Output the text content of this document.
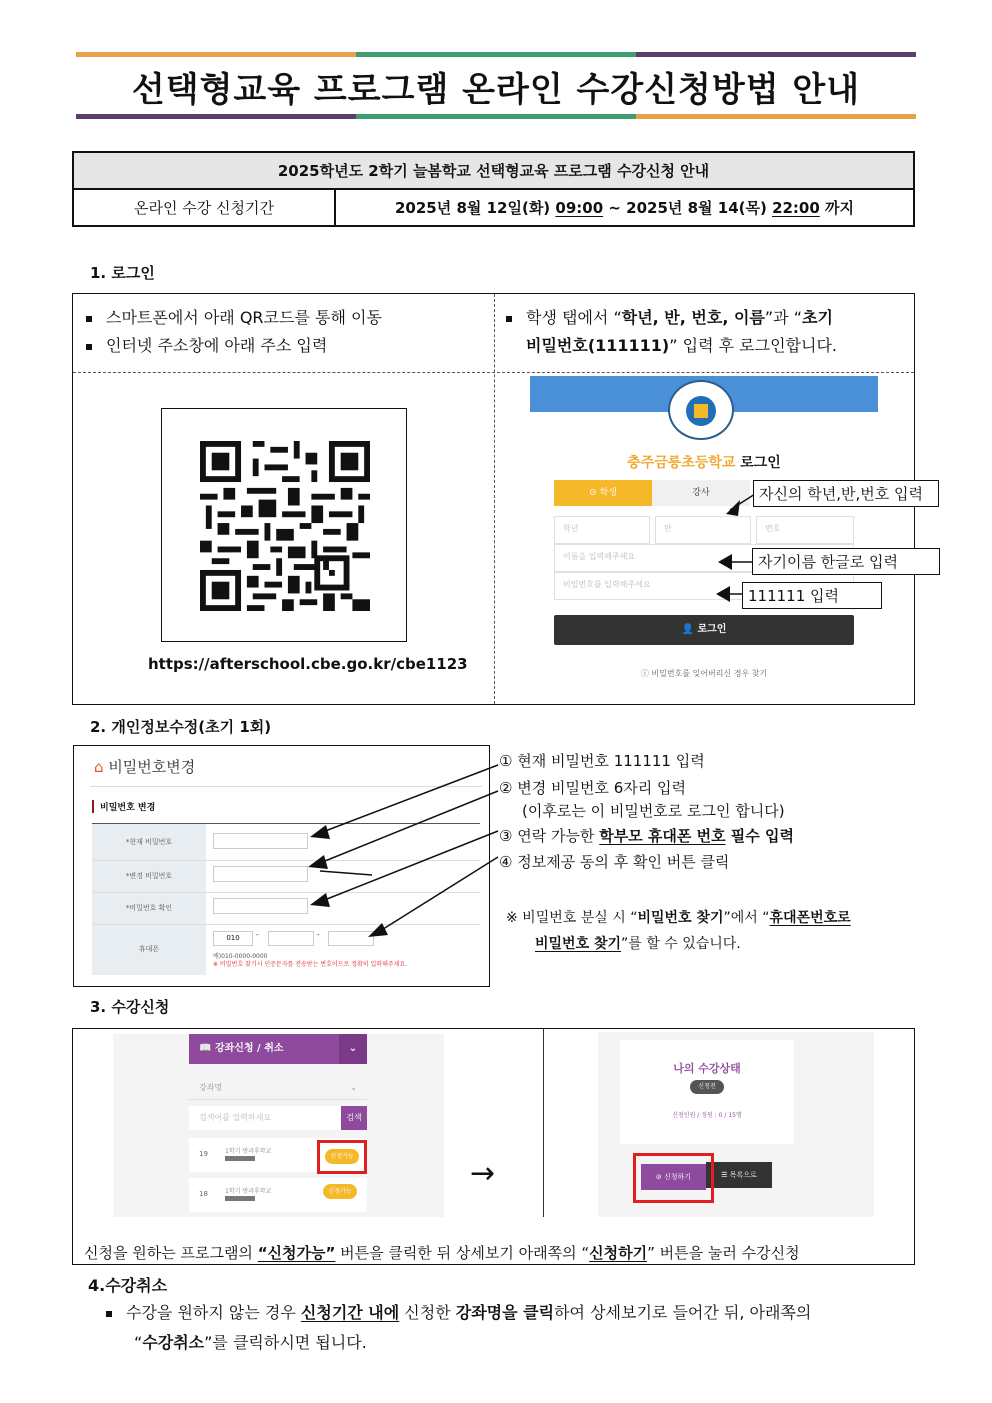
선택형교육 프로그램 온라인 수강신청방법 안내
2025학년도 2학기 늘봄학교 선택형교육 프로그램 수강신청 안내
온라인 수강 신청기간	2025년 8월 12일(화) 09:00 ~ 2025년 8월 14(목) 22:00 까지
1. 로그인
스마트폰에서 아래 QR코드를 통해 이동
인터넷 주소창에 아래 주소 입력
학생 탭에서 “학년, 반, 번호, 이름”과 “초기
비밀번호(111111)” 입력 후 로그인합니다.
https://afterschool.cbe.go.kr/cbe1123
충주금릉초등학교 로그인
⊙ 학생	강사
학년	반	번호
이름을 입력해주세요
비밀번호를 입력해주세요
👤 로그인
ⓘ 비밀번호를 잊어버리신 경우 찾기
자신의 학년,반,번호 입력
자기이름 한글로 입력
111111 입력
2. 개인정보수정(초기 1회)
⌂ 비밀번호변경
비밀번호 변경
*현재 비밀번호
*변경 비밀번호
*비밀번호 확인
휴대폰
010	-	-
예)010-0000-0000
※ 비밀번호 찾기시 인증문자를 전송받는 번호이므로 정확히 입력해주세요.
① 현재 비밀번호 111111 입력
② 변경 비밀번호 6자리 입력
(이후로는 이 비밀번호로 로그인 합니다)
③ 연락 가능한 학부모 휴대폰 번호 필수 입력
④ 정보제공 동의 후 확인 버튼 클릭
※ 비밀번호 분실 시 “비밀번호 찾기”에서 “휴대폰번호로
비밀번호 찾기”를 할 수 있습니다.
3. 수강신청
📖 강좌신청 / 취소	⌄
강좌명	⌄
검색어를 입력하세요	검색
19	1학기 방과후학교
18	1학기 방과후학교	신청가능
신청가능	→
나의 수강상태
신청전
신청인원 / 정원 : 0 / 15명
☰ 목록으로
⊘ 신청하기
신청을 원하는 프로그램의 “신청가능” 버튼을 클릭한 뒤 상세보기 아래쪽의 “신청하기” 버튼을 눌러 수강신청
4.수강취소
수강을 원하지 않는 경우 신청기간 내에 신청한 강좌명을 클릭하여 상세보기로 들어간 뒤, 아래쪽의
“수강취소”를 클릭하시면 됩니다.
